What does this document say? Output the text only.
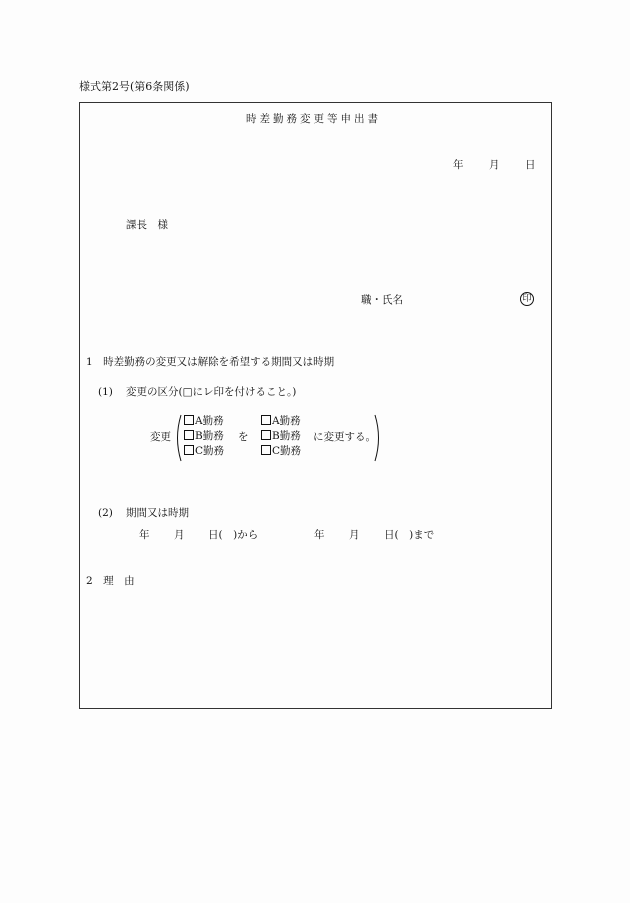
様式第2号(第6条関係)
時差勤務変更等申出書
年 月 日
課長　様
職・氏名	印
1　時差勤務の変更又は解除を希望する期間又は時期
(1) 変更の区分(□にレ印を付けること。)
変更
A勤務
B勤務
C勤務
を
A勤務
B勤務
C勤務
に変更する。
(2) 期間又は時期
年 月 日(　)から	年 月 日(　)まで
2　理　由
